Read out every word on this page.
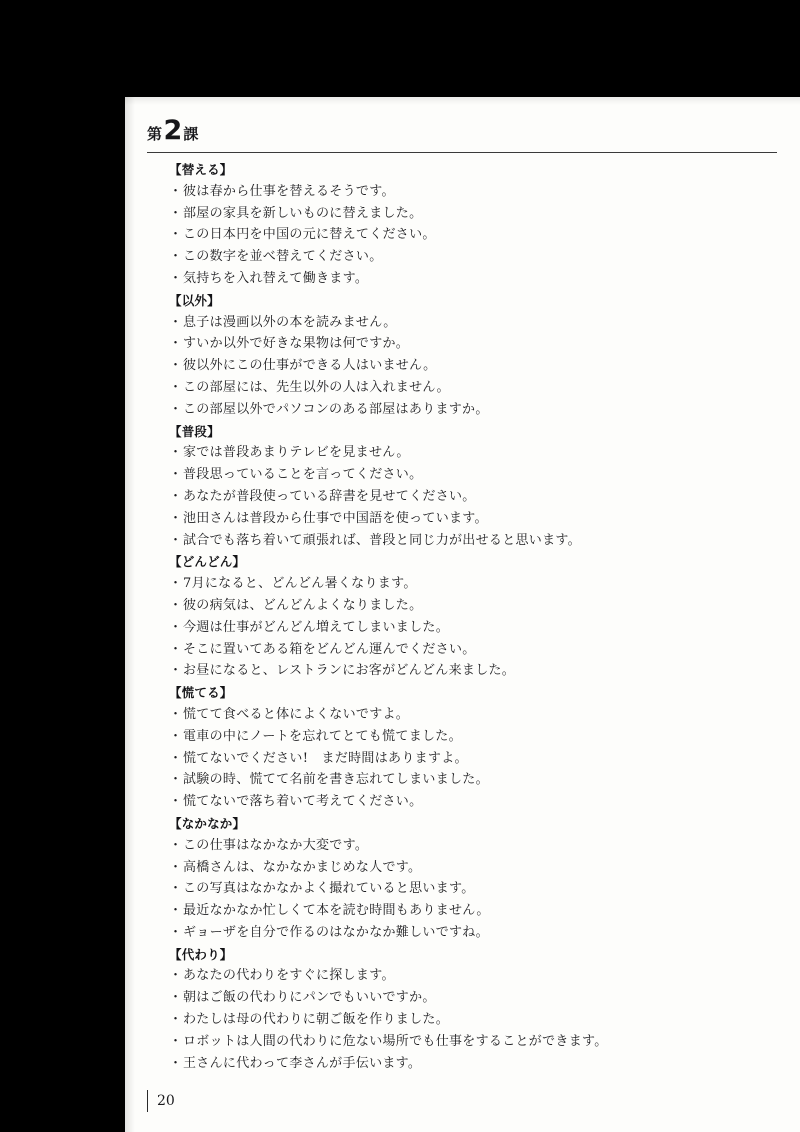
第 2 課
【替える】
・彼は春から仕事を替えるそうです。
・部屋の家具を新しいものに替えました。
・この日本円を中国の元に替えてください。
・この数字を並べ替えてください。
・気持ちを入れ替えて働きます。
【以外】
・息子は漫画以外の本を読みません。
・すいか以外で好きな果物は何ですか。
・彼以外にこの仕事ができる人はいません。
・この部屋には、先生以外の人は入れません。
・この部屋以外でパソコンのある部屋はありますか。
【普段】
・家では普段あまりテレビを見ません。
・普段思っていることを言ってください。
・あなたが普段使っている辞書を見せてください。
・池田さんは普段から仕事で中国語を使っています。
・試合でも落ち着いて頑張れば、普段と同じ力が出せると思います。
【どんどん】
・7月になると、どんどん暑くなります。
・彼の病気は、どんどんよくなりました。
・今週は仕事がどんどん増えてしまいました。
・そこに置いてある箱をどんどん運んでください。
・お昼になると、レストランにお客がどんどん来ました。
【慌てる】
・慌てて食べると体によくないですよ。
・電車の中にノートを忘れてとても慌てました。
・慌てないでください!　まだ時間はありますよ。
・試験の時、慌てて名前を書き忘れてしまいました。
・慌てないで落ち着いて考えてください。
【なかなか】
・この仕事はなかなか大変です。
・高橋さんは、なかなかまじめな人です。
・この写真はなかなかよく撮れていると思います。
・最近なかなか忙しくて本を読む時間もありません。
・ギョーザを自分で作るのはなかなか難しいですね。
【代わり】
・あなたの代わりをすぐに探します。
・朝はご飯の代わりにパンでもいいですか。
・わたしは母の代わりに朝ご飯を作りました。
・ロボットは人間の代わりに危ない場所でも仕事をすることができます。
・王さんに代わって李さんが手伝います。
20
